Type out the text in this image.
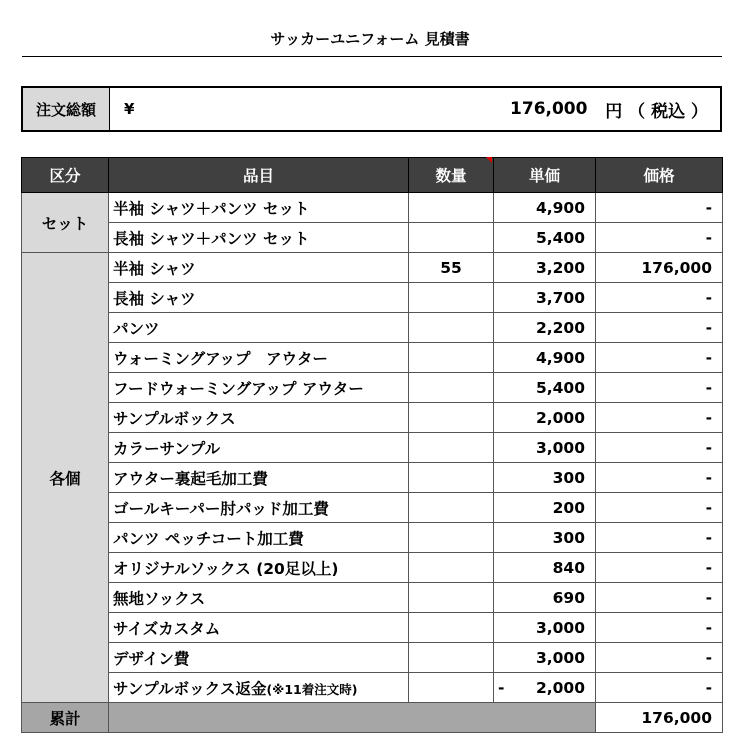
サッカーユニフォーム 見積書
注文総額	¥	176,000
円 （ 税込 ）
区分	品目	数量	単価	価格
セット	半袖 シャツ＋パンツ セット		4,900	-
	長袖 シャツ＋パンツ セット		5,400	-
各個	半袖 シャツ	55	3,200	176,000
	長袖 シャツ		3,700	-
	パンツ		2,200	-
	ウォーミングアップ　アウター		4,900	-
	フードウォーミングアップ アウター		5,400	-
	サンプルボックス		2,000	-
	カラーサンプル		3,000	-
	アウター裏起毛加工費		300	-
	ゴールキーパー肘パッド加工費		200	-
	パンツ ペッチコート加工費		300	-
	オリジナルソックス (20足以上)		840	-
	無地ソックス		690	-
	サイズカスタム		3,000	-
	デザイン費		3,000	-
	サンプルボックス返金(※11着注文時)		- 2,000	-
累計				176,000
